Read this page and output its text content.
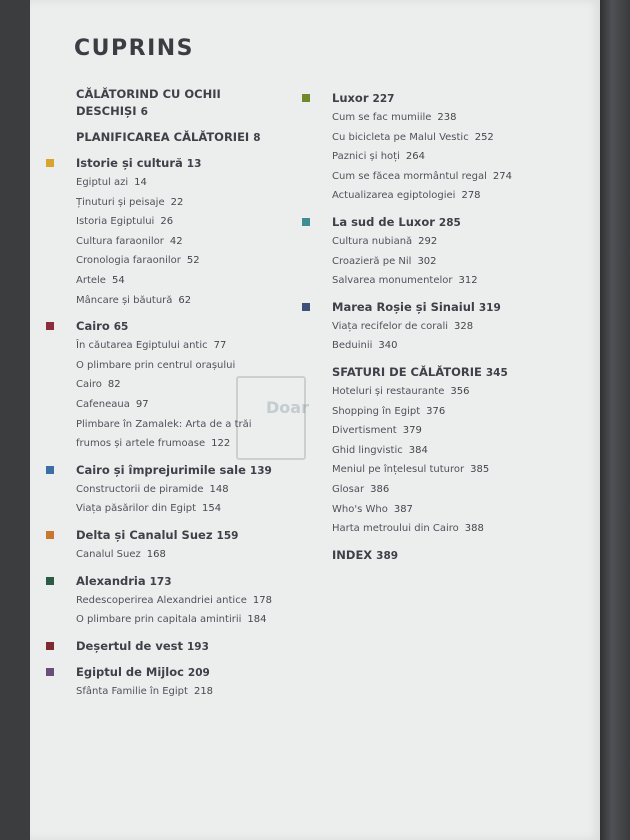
CUPRINS
Doar
CĂLĂTORIND CU OCHII DESCHIȘI 6
PLANIFICAREA CĂLĂTORIEI 8
Istorie și cultură 13
Egiptul azi 14
Ținuturi și peisaje 22
Istoria Egiptului 26
Cultura faraonilor 42
Cronologia faraonilor 52
Artele 54
Mâncare și băutură 62
Cairo 65
În căutarea Egiptului antic 77
O plimbare prin centrul orașului Cairo 82
Cafeneaua 97
Plimbare în Zamalek: Arta de a trăi frumos și artele frumoase 122
Cairo și împrejurimile sale 139
Constructorii de piramide 148
Viața păsărilor din Egipt 154
Delta și Canalul Suez 159
Canalul Suez 168
Alexandria 173
Redescoperirea Alexandriei antice 178
O plimbare prin capitala amintirii 184
Deșertul de vest 193
Egiptul de Mijloc 209
Sfânta Familie în Egipt 218
Luxor 227
Cum se fac mumiile 238
Cu bicicleta pe Malul Vestic 252
Paznici și hoți 264
Cum se făcea mormântul regal 274
Actualizarea egiptologiei 278
La sud de Luxor 285
Cultura nubiană 292
Croazieră pe Nil 302
Salvarea monumentelor 312
Marea Roșie și Sinaiul 319
Viața recifelor de corali 328
Beduinii 340
SFATURI DE CĂLĂTORIE 345
Hoteluri și restaurante 356
Shopping în Egipt 376
Divertisment 379
Ghid lingvistic 384
Meniul pe înțelesul tuturor 385
Glosar 386
Who's Who 387
Harta metroului din Cairo 388
INDEX 389
